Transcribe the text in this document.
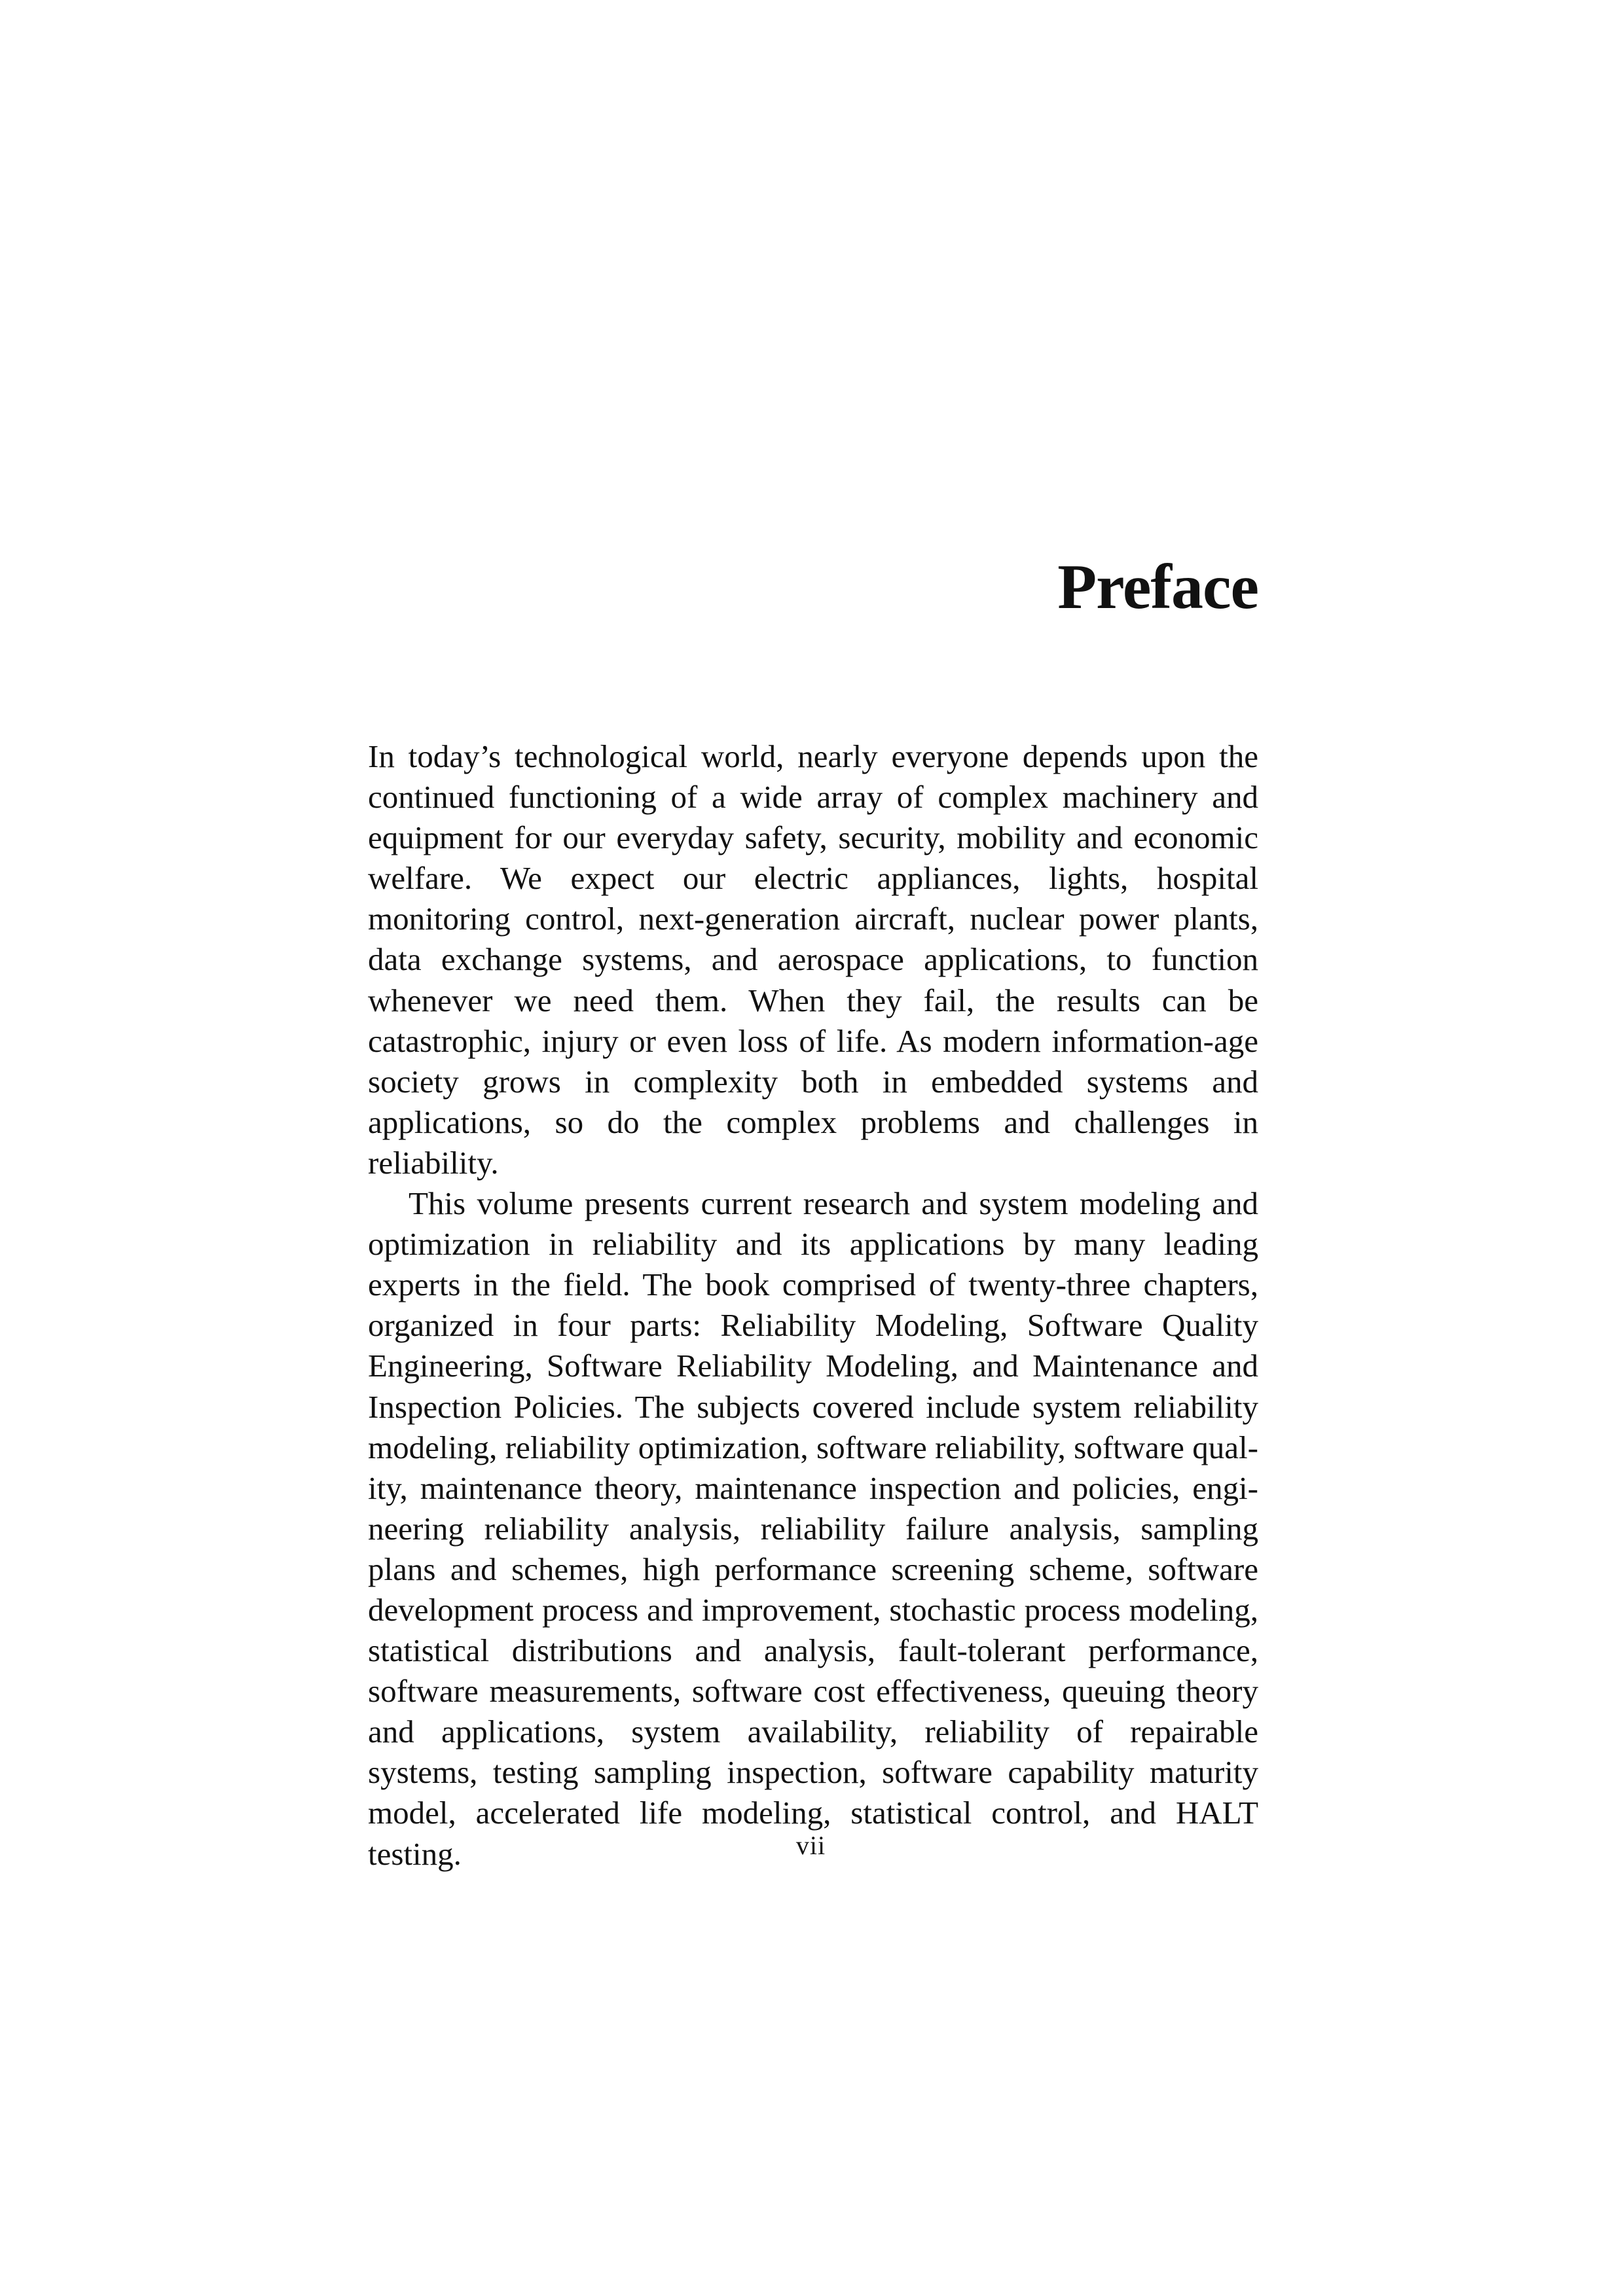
Preface

In today’s technological world, nearly everyone depends upon the continued functioning of a wide array of complex machinery and equipment for our everyday safety, security, mobility and economic welfare. We expect our electric appliances, lights, hospital monitoring control, next-generation aircraft, nuclear power plants, data exchange systems, and aerospace applications, to function whenever we need them. When they fail, the results can be catastrophic, injury or even loss of life. As modern information-age society grows in complexity both in embedded systems and applications, so do the complex problems and challenges in reliability.

This volume presents current research and system modeling and optimization in reliability and its applications by many leading experts in the field. The book comprised of twenty-three chapters, organized in four parts: Reliability Modeling, Software Quality Engineering, Software Reliability Modeling, and Maintenance and Inspection Policies. The subjects covered include system reliability modeling, reliability optimization, software reliability, software quality, maintenance theory, maintenance inspection and policies, engineering reliability analysis, reliability failure analysis, sampling plans and schemes, high performance screening scheme, software development process and improvement, stochastic process modeling, statistical distributions and analysis, fault-tolerant performance, software measurements, software cost effectiveness, queuing theory and applications, system availability, reliability of repairable systems, testing sampling inspection, software capability maturity model, accelerated life modeling, statistical control, and HALT testing.	vii
